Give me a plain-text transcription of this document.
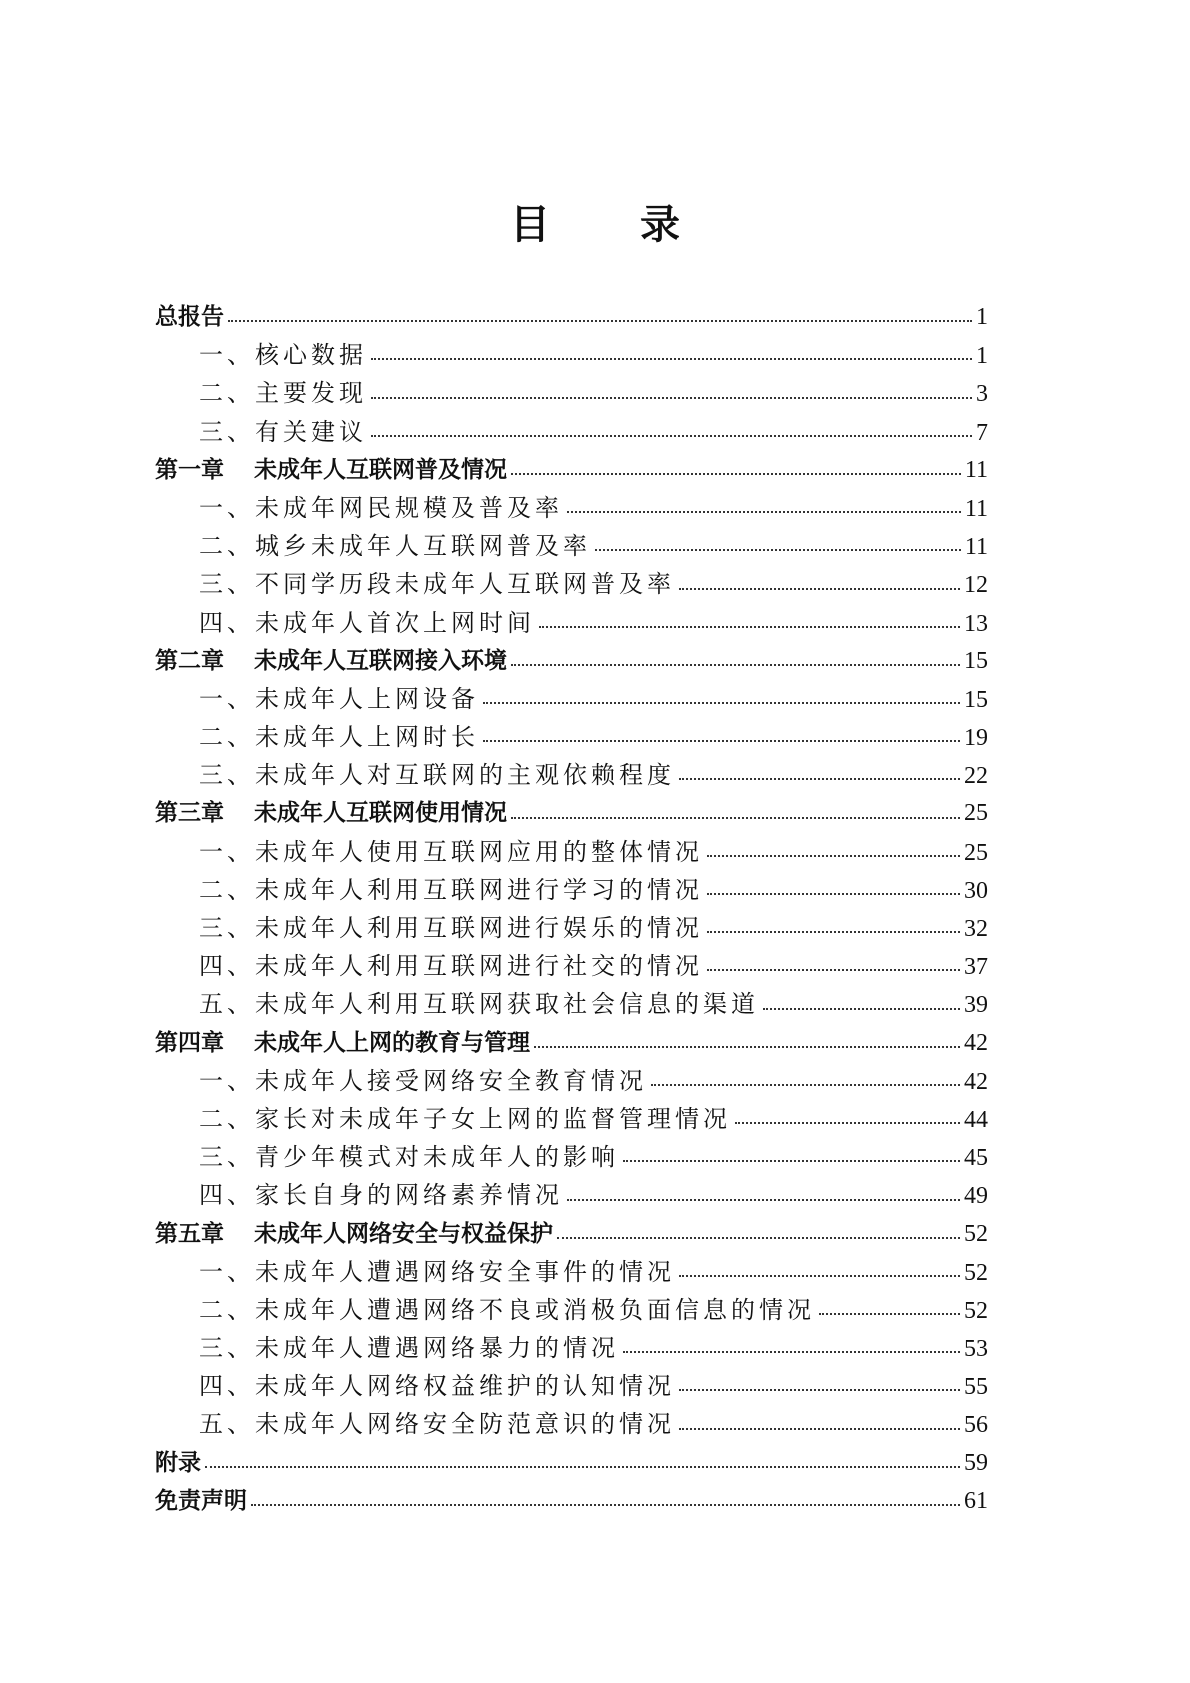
目 录
总报告	1
一、核心数据	1
二、主要发现	3
三、有关建议	7
第一章 未成年人互联网普及情况	11
一、未成年网民规模及普及率	11
二、城乡未成年人互联网普及率	11
三、不同学历段未成年人互联网普及率	12
四、未成年人首次上网时间	13
第二章 未成年人互联网接入环境	15
一、未成年人上网设备	15
二、未成年人上网时长	19
三、未成年人对互联网的主观依赖程度	22
第三章 未成年人互联网使用情况	25
一、未成年人使用互联网应用的整体情况	25
二、未成年人利用互联网进行学习的情况	30
三、未成年人利用互联网进行娱乐的情况	32
四、未成年人利用互联网进行社交的情况	37
五、未成年人利用互联网获取社会信息的渠道	39
第四章 未成年人上网的教育与管理	42
一、未成年人接受网络安全教育情况	42
二、家长对未成年子女上网的监督管理情况	44
三、青少年模式对未成年人的影响	45
四、家长自身的网络素养情况	49
第五章 未成年人网络安全与权益保护	52
一、未成年人遭遇网络安全事件的情况	52
二、未成年人遭遇网络不良或消极负面信息的情况	52
三、未成年人遭遇网络暴力的情况	53
四、未成年人网络权益维护的认知情况	55
五、未成年人网络安全防范意识的情况	56
附录	59
免责声明	61
